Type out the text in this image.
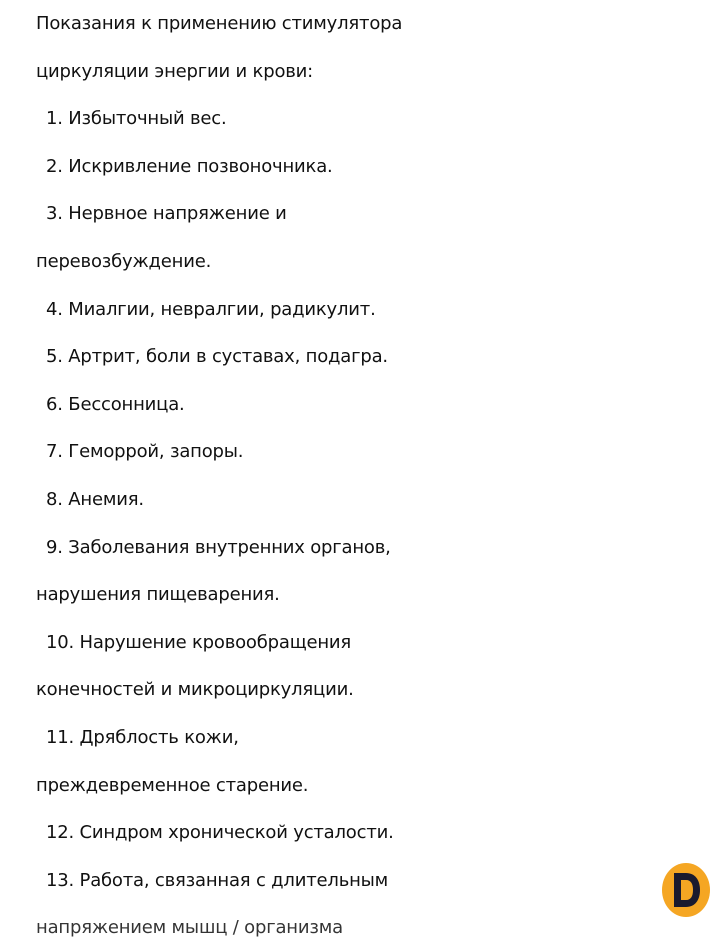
Показания к применению стимулятора
циркуляции энергии и крови:
1. Избыточный вес.
2. Искривление позвоночника.
3. Нервное напряжение и
перевозбуждение.
4. Миалгии, невралгии, радикулит.
5. Артрит, боли в суставах, подагра.
6. Бессонница.
7. Геморрой, запоры.
8. Анемия.
9. Заболевания внутренних органов,
нарушения пищеварения.
10. Нарушение кровообращения
конечностей и микроциркуляции.
11. Дряблость кожи,
преждевременное старение.
12. Синдром хронической усталости.
13. Работа, связанная с длительным
напряжением мышц / организма
